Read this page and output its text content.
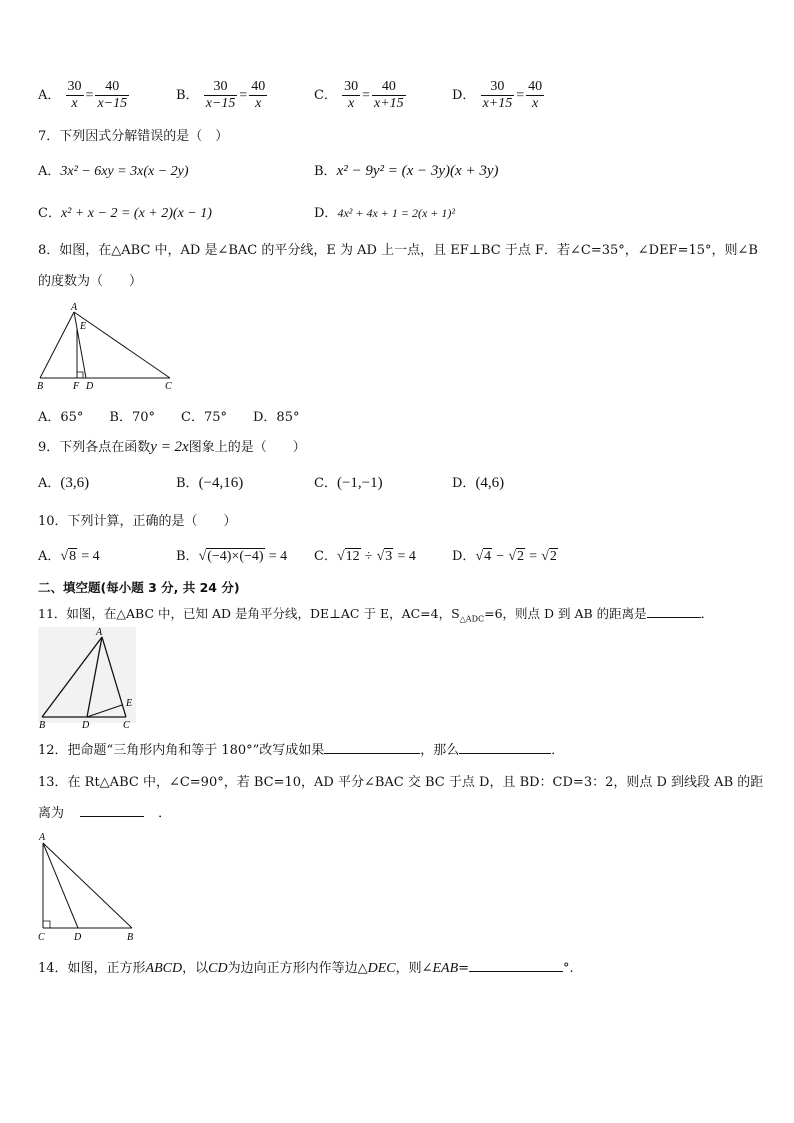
A． $\frac{30}{x} = \frac{40}{x-15}$	B． $\frac{30}{x-15} = \frac{40}{x}$	C． $\frac{30}{x} = \frac{40}{x+15}$	D． $\frac{30}{x+15} = \frac{40}{x}$
7．下列因式分解错误的是（　）
A．3x² − 6xy = 3x(x − 2y)	B．x² − 9y² = (x − 3y)(x + 3y)
C．x² + x − 2 = (x + 2)(x − 1)	D．4x² + 4x + 1 = 2(x + 1)²
8．如图，在△ABC 中，AD 是∠BAC 的平分线，E 为 AD 上一点，且 EF⊥BC 于点 F．若∠C=35°，∠DEF=15°，则∠B
的度数为（　　）
A
E
B	F D	C
A．65°　　B．70°　　C．75°　　D．85°
9．下列各点在函数y = 2x图象上的是（　　）
A．(3,6)	B．(−4,16)	C．(−1,−1)	D．(4,6)
10．下列计算，正确的是（　　）
A．√8 = 4	B．√(−4)×(−4) = 4 C．√12 ÷ √3 = 4	D．√4 − √2 = √2
二、填空题(每小题 3 分, 共 24 分)
11．如图，在△ABC 中，已知 AD 是角平分线，DE⊥AC 于 E，AC=4，$S_{\triangle ADC}=6$，则点 D 到 AB 的距离是	．
A
B	D	C
E
12．把命题“三角形内角和等于 180°”改写成如果	，那么	．
13．在 Rt△ABC 中，∠C=90°，若 BC=10，AD 平分∠BAC 交 BC 于点 D，且 BD：CD=3：2，则点 D 到线段 AB 的距
离为	．
A
C	D	B
14．如图，正方形ABCD，以CD为边向正方形内作等边△DEC，则∠EAB=	°.
